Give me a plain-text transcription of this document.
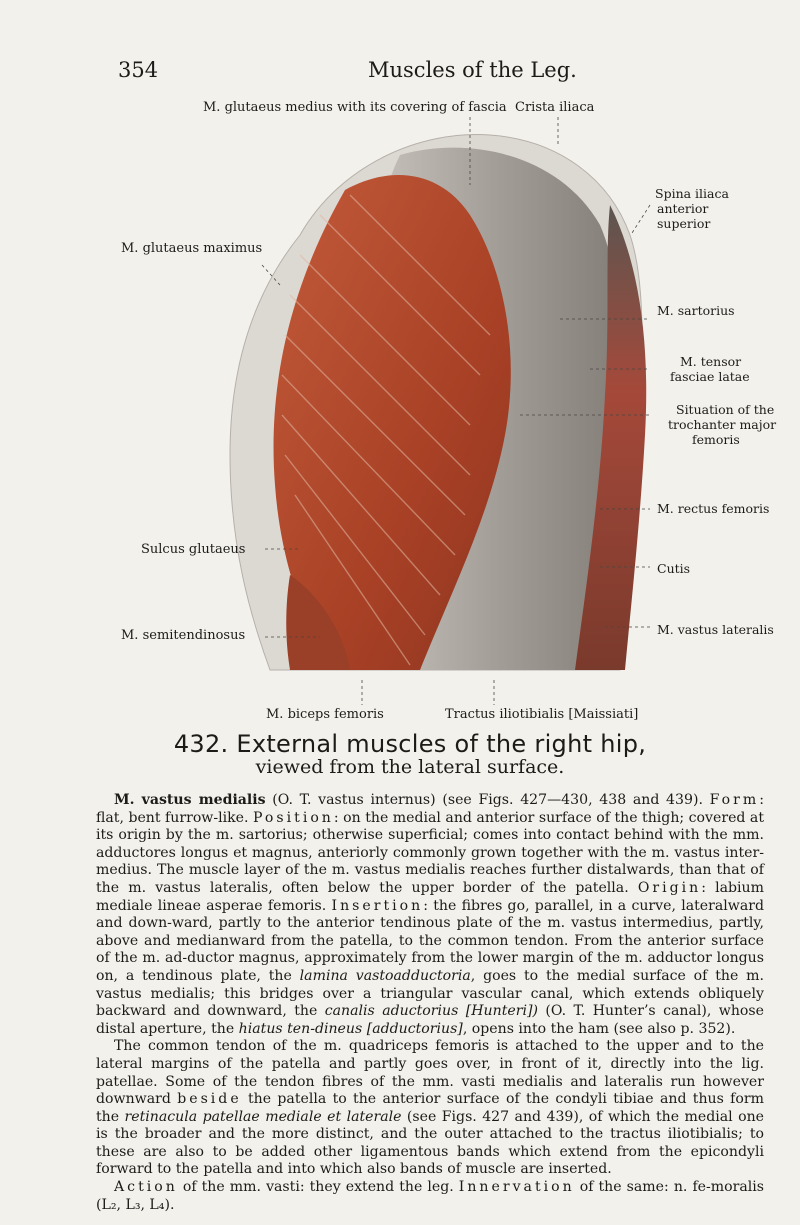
354	Muscles of the Leg.
M. glutaeus medius with its covering of fascia Crista iliaca
Spina iliaca
anterior
superior
M. glutaeus maximus
M. sartorius
M. tensor
fasciae latae
Situation of the
trochanter major
femoris
M. rectus femoris
Sulcus glutaeus
Cutis
M. semitendinosus	M. vastus lateralis
M. biceps femoris	Tractus iliotibialis [Maissiati]
432. External muscles of the right hip,
viewed from the lateral surface.

M. vastus medialis (O. T. vastus internus) (see Figs. 427—430, 438 and 439). Form: flat, bent furrow-like. Position: on the medial and anterior surface of the thigh; covered at its origin by the m. sartorius; otherwise superficial; comes into contact behind with the mm. adductores longus et magnus, anteriorly commonly grown together with the m. vastus inter-medius. The muscle layer of the m. vastus medialis reaches further distalwards, than that of the m. vastus lateralis, often below the upper border of the patella. Origin: labium mediale lineae asperae femoris. Insertion: the fibres go, parallel, in a curve, lateralward and down-ward, partly to the anterior tendinous plate of the m. vastus intermedius, partly, above and medianward from the patella, to the common tendon. From the anterior surface of the m. ad-ductor magnus, approximately from the lower margin of the m. adductor longus on, a tendinous plate, the lamina vastoadductoria, goes to the medial surface of the m. vastus medialis; this bridges over a triangular vascular canal, which extends obliquely backward and downward, the canalis aductorius [Hunteri]) (O. T. Hunter’s canal), whose distal aperture, the hiatus ten-dineus [adductorius], opens into the ham (see also p. 352).

The common tendon of the m. quadriceps femoris is attached to the upper and to the lateral margins of the patella and partly goes over, in front of it, directly into the lig. patellae. Some of the tendon fibres of the mm. vasti medialis and lateralis run however downward beside the patella to the anterior surface of the condyli tibiae and thus form the retinacula patellae mediale et laterale (see Figs. 427 and 439), of which the medial one is the broader and the more distinct, and the outer attached to the tractus iliotibialis; to these are also to be added other ligamentous bands which extend from the epicondyli forward to the patella and into which also bands of muscle are inserted.

Action of the mm. vasti: they extend the leg. Innervation of the same: n. fe-moralis (L₂, L₃, L₄).
